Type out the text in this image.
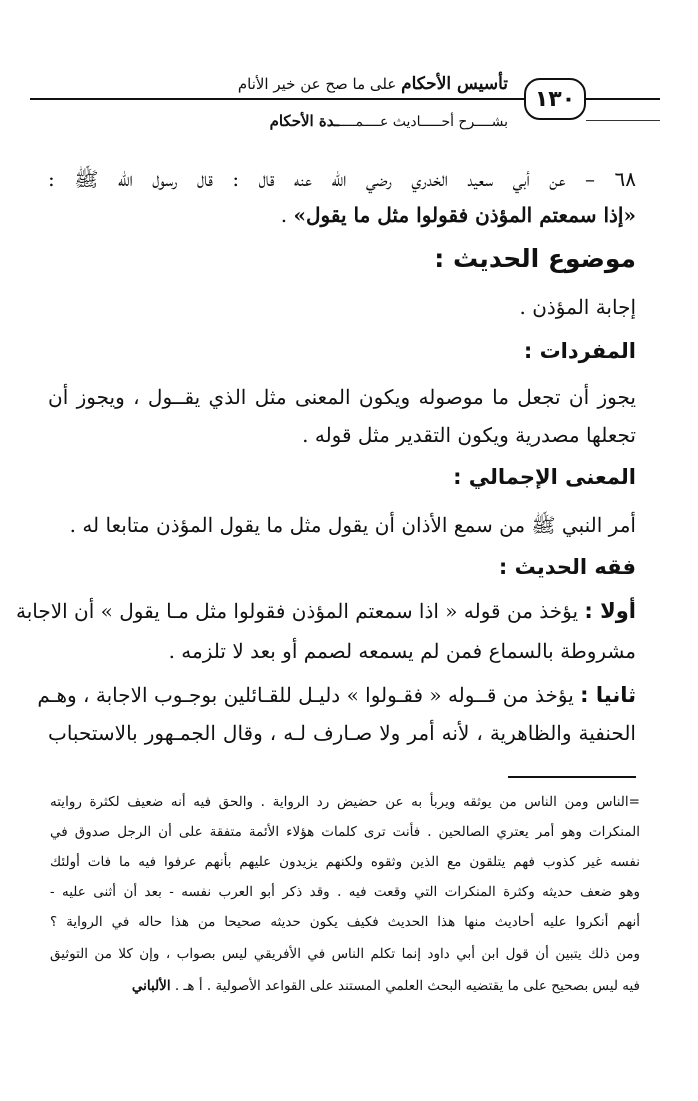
١٣٠
تأسيس الأحكام على ما صح عن خير الأنام
بشــــرح أحـــــاديث عــــمـــــدة الأحكام
٦٨ – عن أبي سعيد الخدري رضي الله عنه قال : قال رسول الله ﷺ :
«إذا سمعتم المؤذن فقولوا مثل ما يقول» .
موضوع الحديث :
إجابة المؤذن .
المفردات :
يجوز أن تجعل ما موصوله ويكون المعنى مثل الذي يقــول ، ويجوز أن
تجعلها مصدرية ويكون التقدير مثل قوله .
المعنى الإجمالي :
أمر النبي ﷺ من سمع الأذان أن يقول مثل ما يقول المؤذن متابعا له .
فقه الحديث :
أولا : يؤخذ من قوله « اذا سمعتم المؤذن فقولوا مثل مـا يقول » أن الاجابة
مشروطة بالسماع فمن لم يسمعه لصمم أو بعد لا تلزمه .
ثانيا : يؤخذ من قــوله « فقـولوا » دليـل للقـائلين بوجـوب الاجابة ، وهـم
الحنفية والظاهرية ، لأنه أمر ولا صـارف لـه ، وقال الجمـهور بالاستحباب
=الناس ومن الناس من يوثقه ويربأ به عن حضيض رد الرواية . والحق فيه أنه ضعيف لكثرة روايته
المنكرات وهو أمر يعتري الصالحين . فأنت ترى كلمات هؤلاء الأئمة متفقة على أن الرجل صدوق في
نفسه غير كذوب فهم يتلقون مع الذين وثقوه ولكنهم يزيدون عليهم بأنهم عرفوا فيه ما فات أولئك
وهو ضعف حديثه وكثرة المنكرات التي وقعت فيه . وقد ذكر أبو العرب نفسه - بعد أن أثنى عليه -
أنهم أنكروا عليه أحاديث منها هذا الحديث فكيف يكون حديثه صحيحا من هذا حاله في الرواية ؟
ومن ذلك يتبين أن قول ابن أبي داود إنما تكلم الناس في الأفريقي ليس بصواب ، وإن كلا من التوثيق
فيه ليس بصحيح على ما يقتضيه البحث العلمي المستند على القواعد الأصولية . أ هـ . الألباني
